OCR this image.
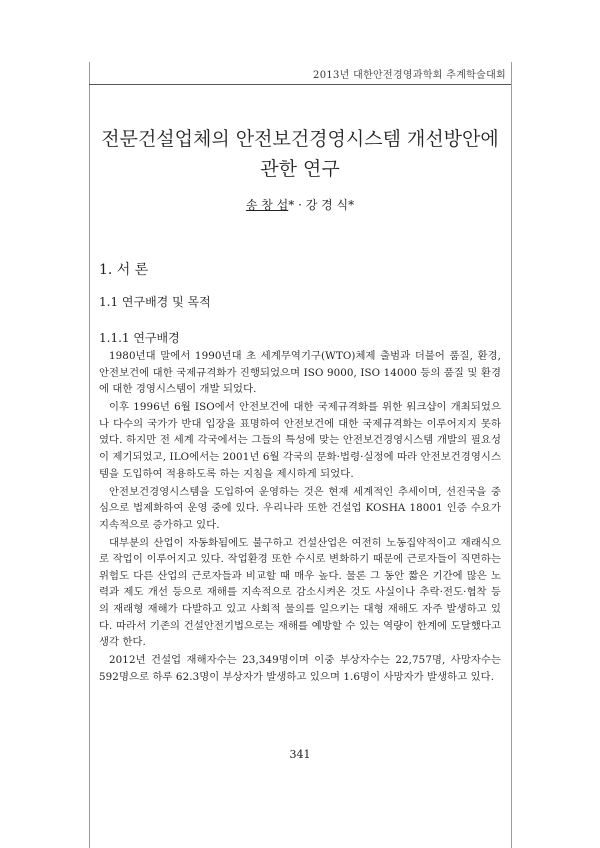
2013년 대한안전경영과학회 추계학술대회
전문건설업체의 안전보건경영시스템 개선방안에
관한 연구
송 창 섭* · 강 경 식*
1. 서 론
1.1 연구배경 및 목적
1.1.1 연구배경

1980년대 말에서 1990년대 초 세계무역기구(WTO)체제 출범과 더불어 품질, 환경, 안전보건에 대한 국제규격화가 진행되었으며 ISO 9000, ISO 14000 등의 품질 및 환경에 대한 경영시스템이 개발 되었다.

이후 1996년 6월 ISO에서 안전보건에 대한 국제규격화를 위한 워크샵이 개최되었으나 다수의 국가가 반대 입장을 표명하여 안전보건에 대한 국제규격화는 이루어지지 못하였다. 하지만 전 세계 각국에서는 그들의 특성에 맞는 안전보건경영시스템 개발의 필요성이 제기되었고, ILO에서는 2001년 6월 각국의 문화·법령·실정에 따라 안전보건경영시스템을 도입하여 적용하도록 하는 지침을 제시하게 되었다.

안전보건경영시스템을 도입하여 운영하는 것은 현재 세계적인 추세이며, 선진국을 중심으로 법제화하여 운영 중에 있다. 우리나라 또한 건설업 KOSHA 18001 인증 수요가 지속적으로 증가하고 있다.

대부분의 산업이 자동화됨에도 불구하고 건설산업은 여전히 노동집약적이고 재래식으로 작업이 이루어지고 있다. 작업환경 또한 수시로 변화하기 때문에 근로자들이 직면하는 위험도 다른 산업의 근로자들과 비교할 때 매우 높다. 물론 그 동안 짧은 기간에 많은 노력과 제도 개선 등으로 재해를 지속적으로 감소시켜온 것도 사실이나 추락·전도·협착 등의 재래형 재해가 다발하고 있고 사회적 물의를 일으키는 대형 재해도 자주 발생하고 있다. 따라서 기존의 건설안전기법으로는 재해를 예방할 수 있는 역량이 한계에 도달했다고 생각 한다.

2012년 건설업 재해자수는 23,349명이며 이중 부상자수는 22,757명, 사망자수는 592명으로 하루 62.3명이 부상자가 발생하고 있으며 1.6명이 사망자가 발생하고 있다.

341
